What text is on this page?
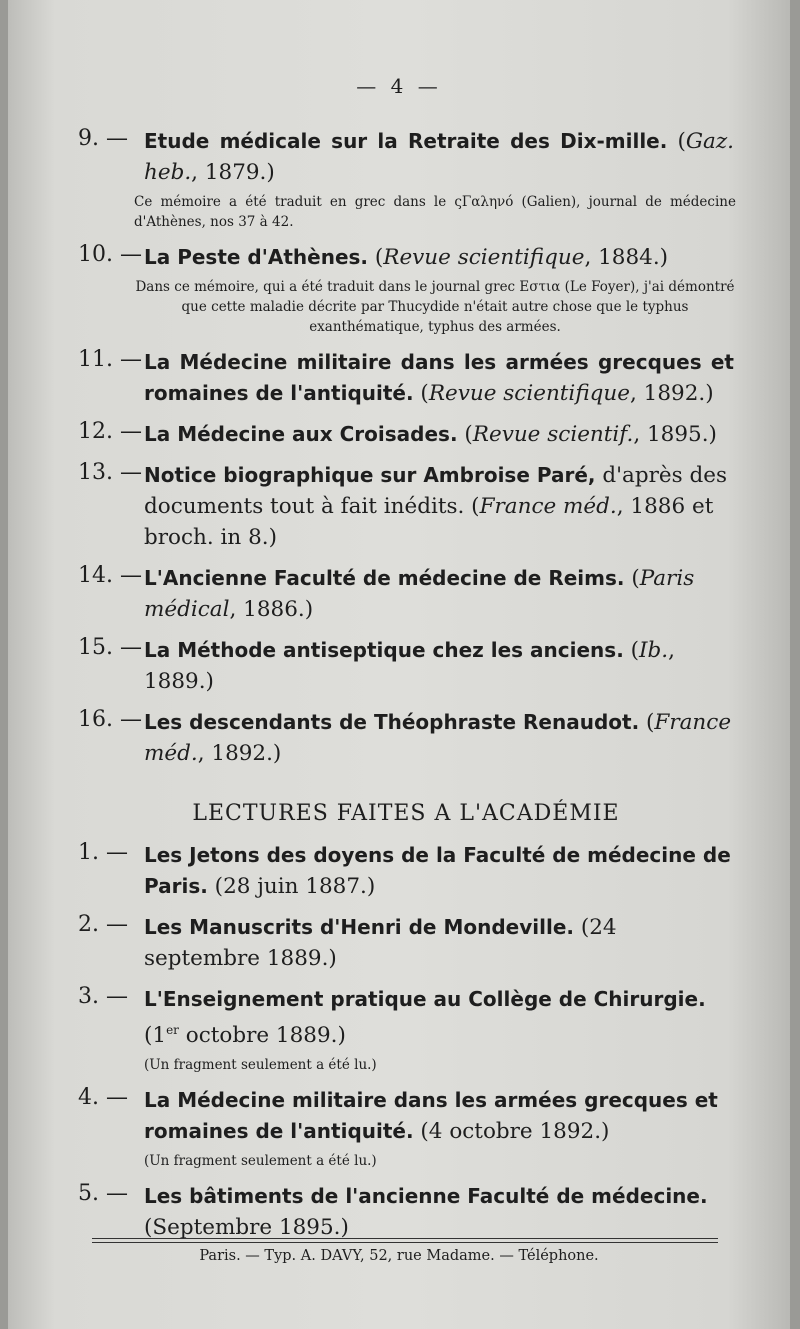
— 4 —
9. — Etude médicale sur la Retraite des Dix-mille. (Gaz. heb., 1879.)
Ce mémoire a été traduit en grec dans le ςΓαληνό (Galien), journal de médecine d'Athènes, nos 37 à 42.
10. — La Peste d'Athènes. (Revue scientifique, 1884.)
Dans ce mémoire, qui a été traduit dans le journal grec Εστια (Le Foyer), j'ai démontré que cette maladie décrite par Thucydide n'était autre chose que le typhus exanthématique, typhus des armées.
11. — La Médecine militaire dans les armées grecques et romaines de l'antiquité. (Revue scientifique, 1892.)
12. — La Médecine aux Croisades. (Revue scientif., 1895.)
13. — Notice biographique sur Ambroise Paré, d'après des documents tout à fait inédits. (France méd., 1886 et broch. in 8.)
14. — L'Ancienne Faculté de médecine de Reims. (Paris médical, 1886.)
15. — La Méthode antiseptique chez les anciens. (Ib., 1889.)
16. — Les descendants de Théophraste Renaudot. (France méd., 1892.)
LECTURES FAITES A L'ACADÉMIE
1. — Les Jetons des doyens de la Faculté de médecine de Paris. (28 juin 1887.)
2. — Les Manuscrits d'Henri de Mondeville. (24 septembre 1889.)
3. — L'Enseignement pratique au Collège de Chirurgie. (1er octobre 1889.)
(Un fragment seulement a été lu.)
4. — La Médecine militaire dans les armées grecques et romaines de l'antiquité. (4 octobre 1892.)
(Un fragment seulement a été lu.)
5. — Les bâtiments de l'ancienne Faculté de médecine. (Septembre 1895.)
Paris. — Typ. A. DAVY, 52, rue Madame. — Téléphone.
